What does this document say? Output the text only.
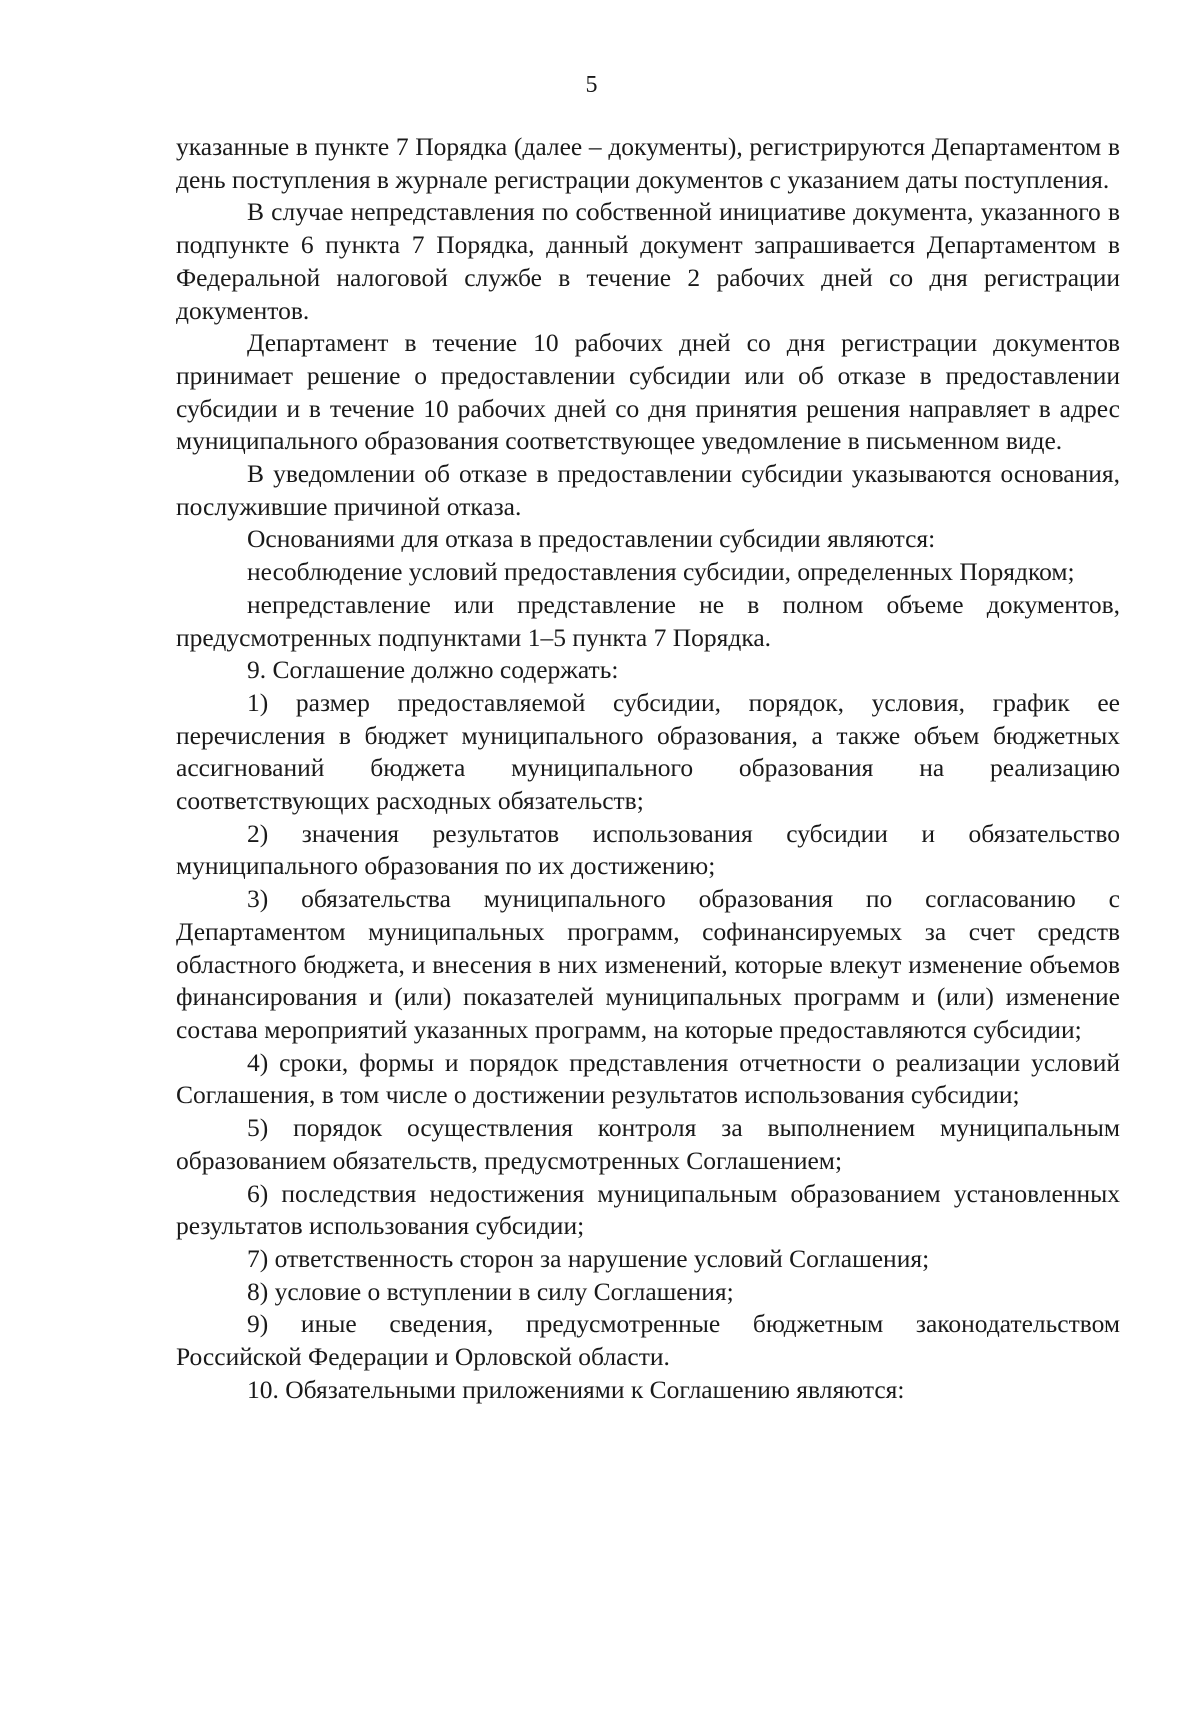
5

указанные в пункте 7 Порядка (далее – документы), регистрируются Департаментом в день поступления в журнале регистрации документов с указанием даты поступления.

В случае непредставления по собственной инициативе документа, указанного в подпункте 6 пункта 7 Порядка, данный документ запрашивается Департаментом в Федеральной налоговой службе в течение 2 рабочих дней со дня регистрации документов.

Департамент в течение 10 рабочих дней со дня регистрации документов принимает решение о предоставлении субсидии или об отказе в предоставлении субсидии и в течение 10 рабочих дней со дня принятия решения направляет в адрес муниципального образования соответствующее уведомление в письменном виде.

В уведомлении об отказе в предоставлении субсидии указываются основания, послужившие причиной отказа.

Основаниями для отказа в предоставлении субсидии являются:

несоблюдение условий предоставления субсидии, определенных Порядком;

непредставление или представление не в полном объеме документов, предусмотренных подпунктами 1–5 пункта 7 Порядка.

9. Соглашение должно содержать:

1) размер предоставляемой субсидии, порядок, условия, график ее перечисления в бюджет муниципального образования, а также объем бюджетных ассигнований бюджета муниципального образования на реализацию соответствующих расходных обязательств;

2) значения результатов использования субсидии и обязательство муниципального образования по их достижению;

3) обязательства муниципального образования по согласованию с Департаментом муниципальных программ, софинансируемых за счет средств областного бюджета, и внесения в них изменений, которые влекут изменение объемов финансирования и (или) показателей муниципальных программ и (или) изменение состава мероприятий указанных программ, на которые предоставляются субсидии;

4) сроки, формы и порядок представления отчетности о реализации условий Соглашения, в том числе о достижении результатов использования субсидии;

5) порядок осуществления контроля за выполнением муниципальным образованием обязательств, предусмотренных Соглашением;

6) последствия недостижения муниципальным образованием установленных результатов использования субсидии;

7) ответственность сторон за нарушение условий Соглашения;

8) условие о вступлении в силу Соглашения;

9) иные сведения, предусмотренные бюджетным законодательством Российской Федерации и Орловской области.

10. Обязательными приложениями к Соглашению являются:
